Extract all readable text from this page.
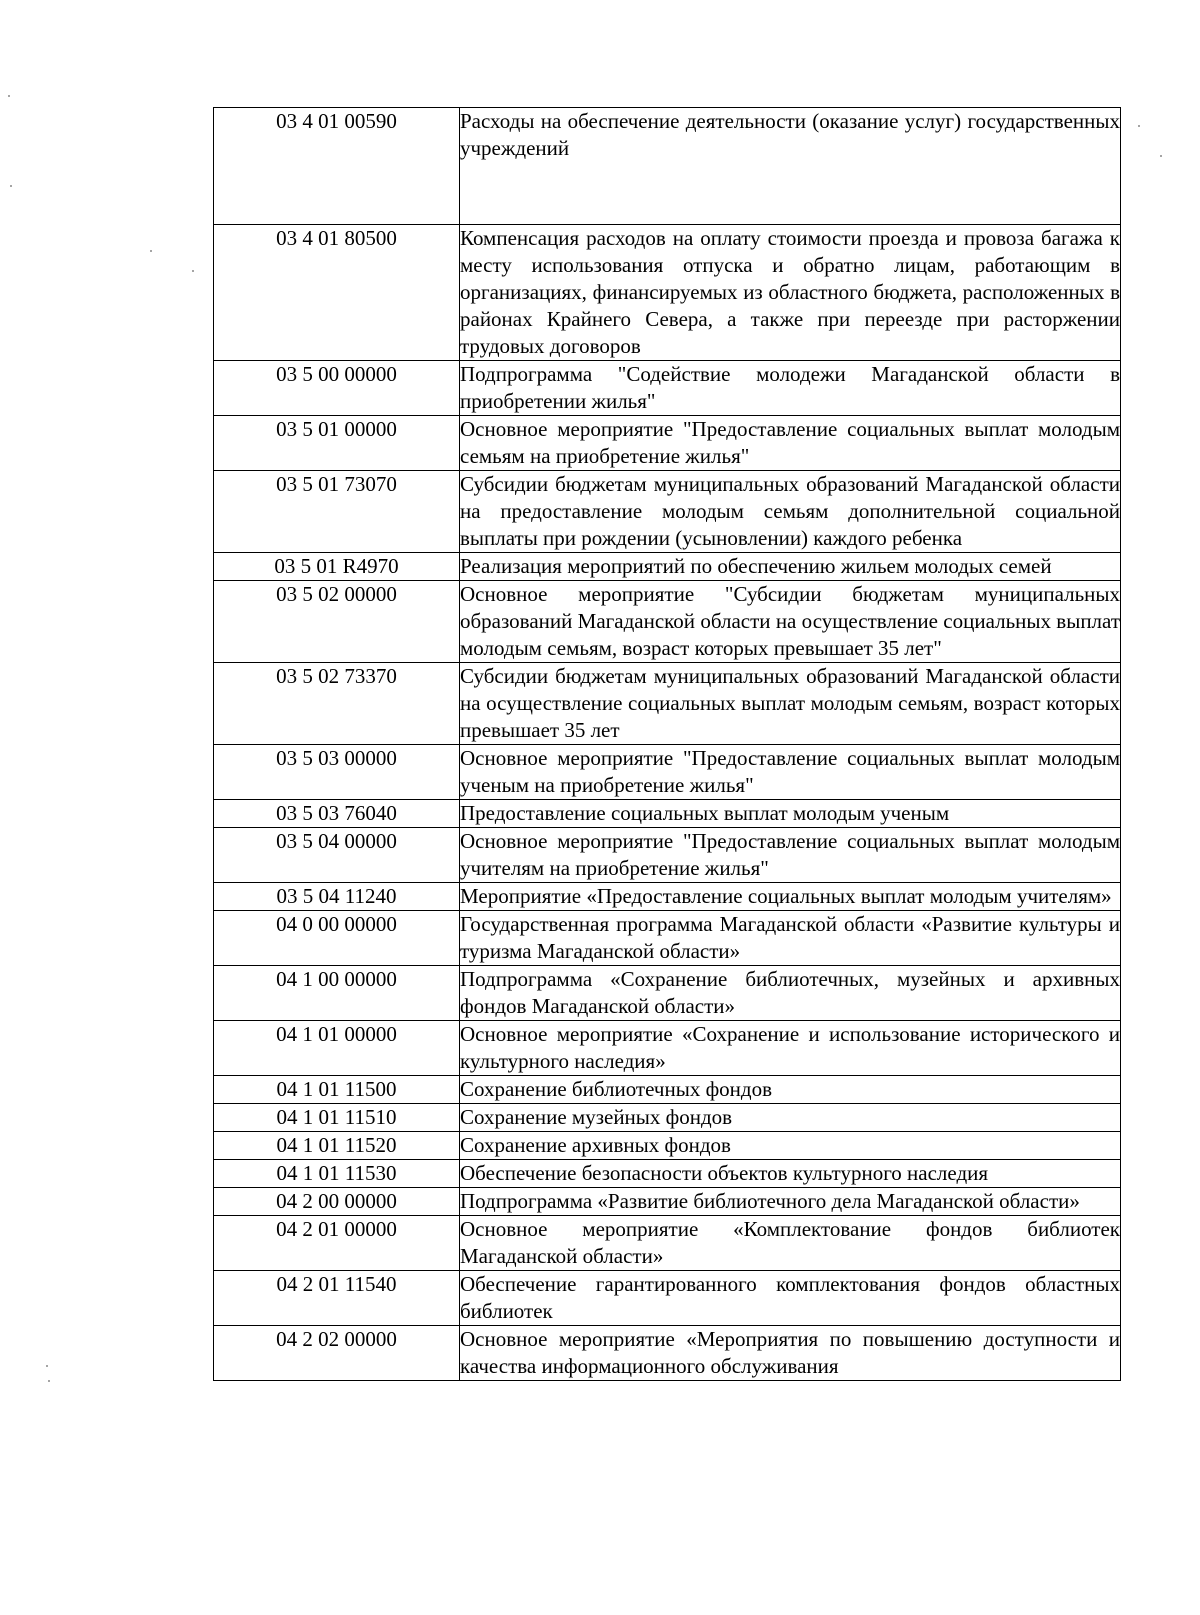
03 4 01 00590	Расходы на обеспечение деятельности (оказание услуг) государственных учреждений
03 4 01 80500	Компенсация расходов на оплату стоимости проезда и провоза багажа к месту использования отпуска и обратно лицам, работающим в организациях, финансируемых из областного бюджета, расположенных в районах Крайнего Севера, а также при переезде при расторжении трудовых договоров
03 5 00 00000	Подпрограмма "Содействие молодежи Магаданской области в приобретении жилья"
03 5 01 00000	Основное мероприятие "Предоставление социальных выплат молодым семьям на приобретение жилья"
03 5 01 73070	Субсидии бюджетам муниципальных образований Магаданской области на предоставление молодым семьям дополнительной социальной выплаты при рождении (усыновлении) каждого ребенка
03 5 01 R4970	Реализация мероприятий по обеспечению жильем молодых семей
03 5 02 00000	Основное мероприятие "Субсидии бюджетам муниципальных образований Магаданской области на осуществление социальных выплат молодым семьям, возраст которых превышает 35 лет"
03 5 02 73370	Субсидии бюджетам муниципальных образований Магаданской области на осуществление социальных выплат молодым семьям, возраст которых превышает 35 лет
03 5 03 00000	Основное мероприятие "Предоставление социальных выплат молодым ученым на приобретение жилья"
03 5 03 76040	Предоставление социальных выплат молодым ученым
03 5 04 00000	Основное мероприятие "Предоставление социальных выплат молодым учителям на приобретение жилья"
03 5 04 11240	Мероприятие «Предоставление социальных выплат молодым учителям»
04 0 00 00000	Государственная программа Магаданской области «Развитие культуры и туризма Магаданской области»
04 1 00 00000	Подпрограмма «Сохранение библиотечных, музейных и архивных фондов Магаданской области»
04 1 01 00000	Основное мероприятие «Сохранение и использование исторического и культурного наследия»
04 1 01 11500	Сохранение библиотечных фондов
04 1 01 11510	Сохранение музейных фондов
04 1 01 11520	Сохранение архивных фондов
04 1 01 11530	Обеспечение безопасности объектов культурного наследия
04 2 00 00000	Подпрограмма «Развитие библиотечного дела Магаданской области»
04 2 01 00000	Основное мероприятие «Комплектование фондов библиотек Магаданской области»
04 2 01 11540	Обеспечение гарантированного комплектования фондов областных библиотек
04 2 02 00000	Основное мероприятие «Мероприятия по повышению доступности и качества информационного обслуживания
